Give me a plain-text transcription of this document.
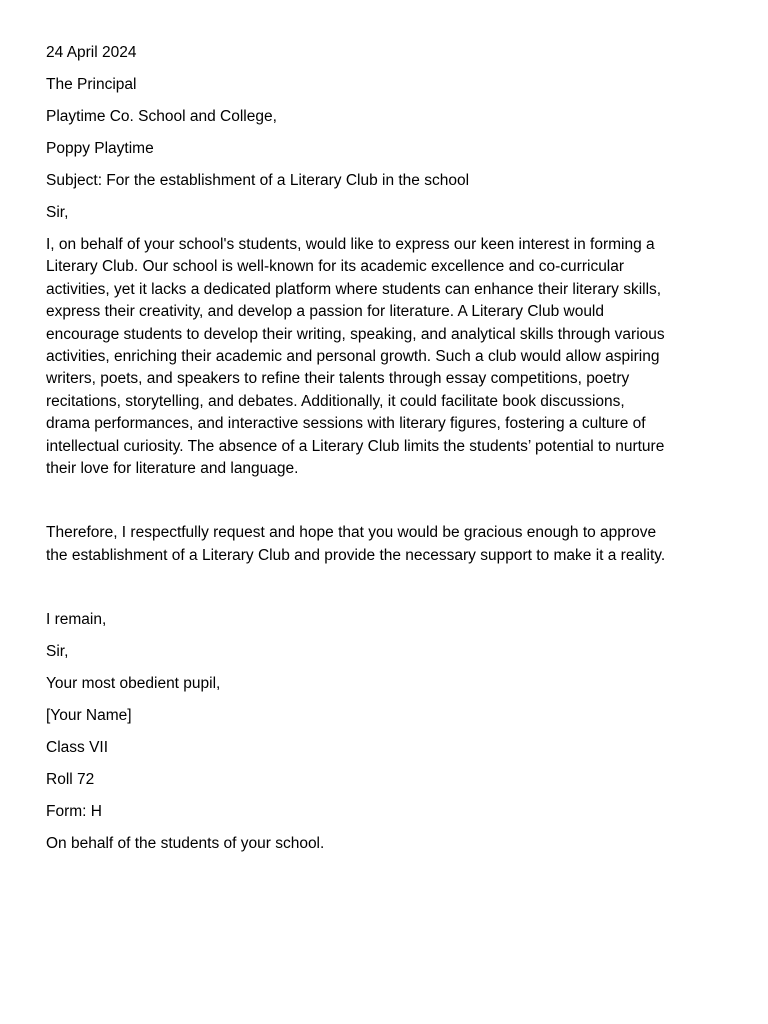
24 April 2024
The Principal
Playtime Co. School and College,
Poppy Playtime
Subject: For the establishment of a Literary Club in the school
Sir,
I, on behalf of your school's students, would like to express our keen interest in forming a
Literary Club. Our school is well-known for its academic excellence and co-curricular
activities, yet it lacks a dedicated platform where students can enhance their literary skills,
express their creativity, and develop a passion for literature. A Literary Club would
encourage students to develop their writing, speaking, and analytical skills through various
activities, enriching their academic and personal growth. Such a club would allow aspiring
writers, poets, and speakers to refine their talents through essay competitions, poetry
recitations, storytelling, and debates. Additionally, it could facilitate book discussions,
drama performances, and interactive sessions with literary figures, fostering a culture of
intellectual curiosity. The absence of a Literary Club limits the students’ potential to nurture
their love for literature and language.
Therefore, I respectfully request and hope that you would be gracious enough to approve
the establishment of a Literary Club and provide the necessary support to make it a reality.
I remain,
Sir,
Your most obedient pupil,
[Your Name]
Class VII
Roll 72
Form: H
On behalf of the students of your school.
